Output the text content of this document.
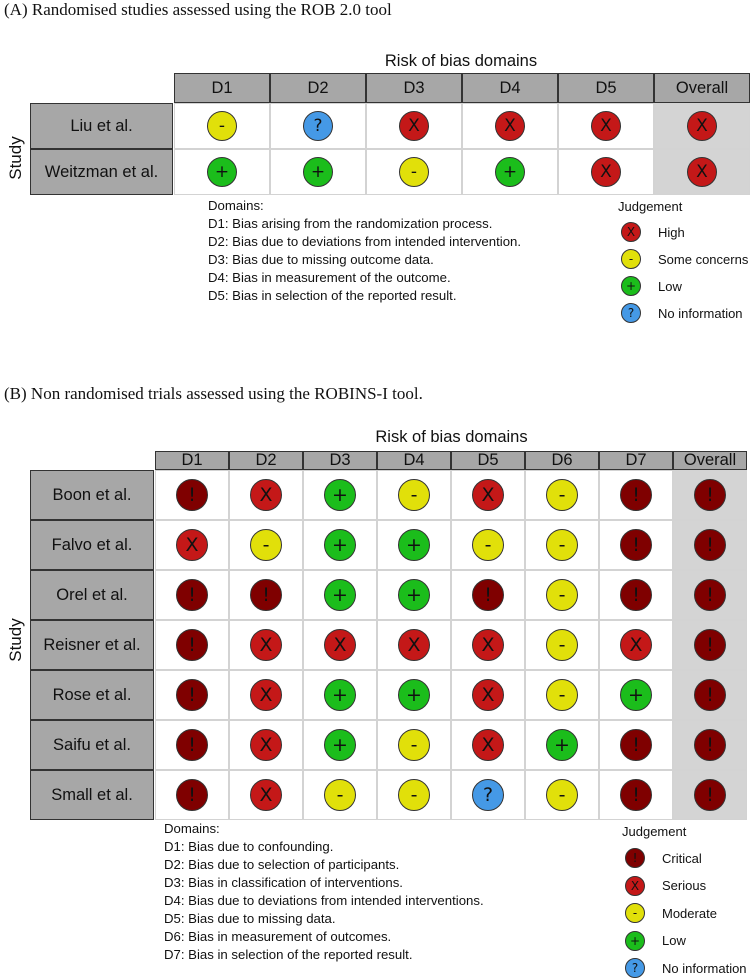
(A) Randomised studies assessed using the ROB 2.0 tool
Risk of bias domains
Study
D1	D2	D3	D4	D5	Overall
Liu et al.	-	?	X	X	X	X
Weitzman et al.	+	+	-	+	X	X
Domains:
D1: Bias arising from the randomization process.
D2: Bias due to deviations from intended intervention.
D3: Bias due to missing outcome data.
D4: Bias in measurement of the outcome.
D5: Bias in selection of the reported result.
Judgement
X	High
-	Some concerns
+	Low
?	No information
(B) Non randomised trials assessed using the ROBINS-I tool.
Risk of bias domains
Study
D1	D2	D3	D4	D5	D6	D7	Overall
Boon et al.	!	X	+	-	X	-	!	!
Falvo et al.	X	-	+	+	-	-	!	!
Orel et al.	!	!	+	+	!	-	!	!
Reisner et al.	!	X	X	X	X	-	X	!
Rose et al.	!	X	+	+	X	-	+	!
Saifu et al.	!	X	+	-	X	+	!	!
Small et al.	!	X	-	-	?	-	!	!
Domains:
D1: Bias due to confounding.
D2: Bias due to selection of participants.
D3: Bias in classification of interventions.
D4: Bias due to deviations from intended interventions.
D5: Bias due to missing data.
D6: Bias in measurement of outcomes.
D7: Bias in selection of the reported result.
Judgement
!	Critical
X	Serious
-	Moderate
+	Low
?	No information
